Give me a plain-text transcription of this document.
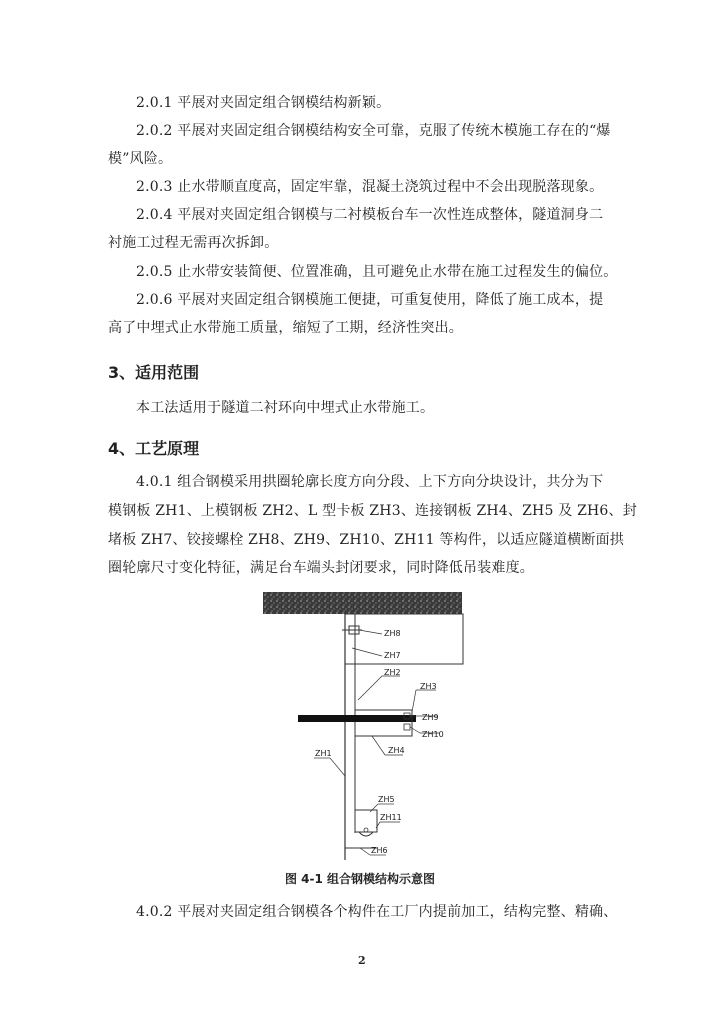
2.0.1 平展对夹固定组合钢模结构新颖。
2.0.2 平展对夹固定组合钢模结构安全可靠，克服了传统木模施工存在的“爆
模”风险。
2.0.3 止水带顺直度高，固定牢靠，混凝土浇筑过程中不会出现脱落现象。
2.0.4 平展对夹固定组合钢模与二衬模板台车一次性连成整体，隧道洞身二
衬施工过程无需再次拆卸。
2.0.5 止水带安装简便、位置准确，且可避免止水带在施工过程发生的偏位。
2.0.6 平展对夹固定组合钢模施工便捷，可重复使用，降低了施工成本，提
高了中埋式止水带施工质量，缩短了工期，经济性突出。
3、适用范围
本工法适用于隧道二衬环向中埋式止水带施工。
4、工艺原理
4.0.1 组合钢模采用拱圈轮廓长度方向分段、上下方向分块设计，共分为下
模钢板 ZH1、上模钢板 ZH2、L 型卡板 ZH3、连接钢板 ZH4、ZH5 及 ZH6、封
堵板 ZH7、铰接螺栓 ZH8、ZH9、ZH10、ZH11 等构件，以适应隧道横断面拱
圈轮廓尺寸变化特征，满足台车端头封闭要求，同时降低吊装难度。
ZH8
ZH7
ZH2
ZH3
ZH9
ZH10
ZH1	ZH4
ZH5
ZH11
ZH6
图 4-1 组合钢模结构示意图
4.0.2 平展对夹固定组合钢模各个构件在工厂内提前加工，结构完整、精确、
2
